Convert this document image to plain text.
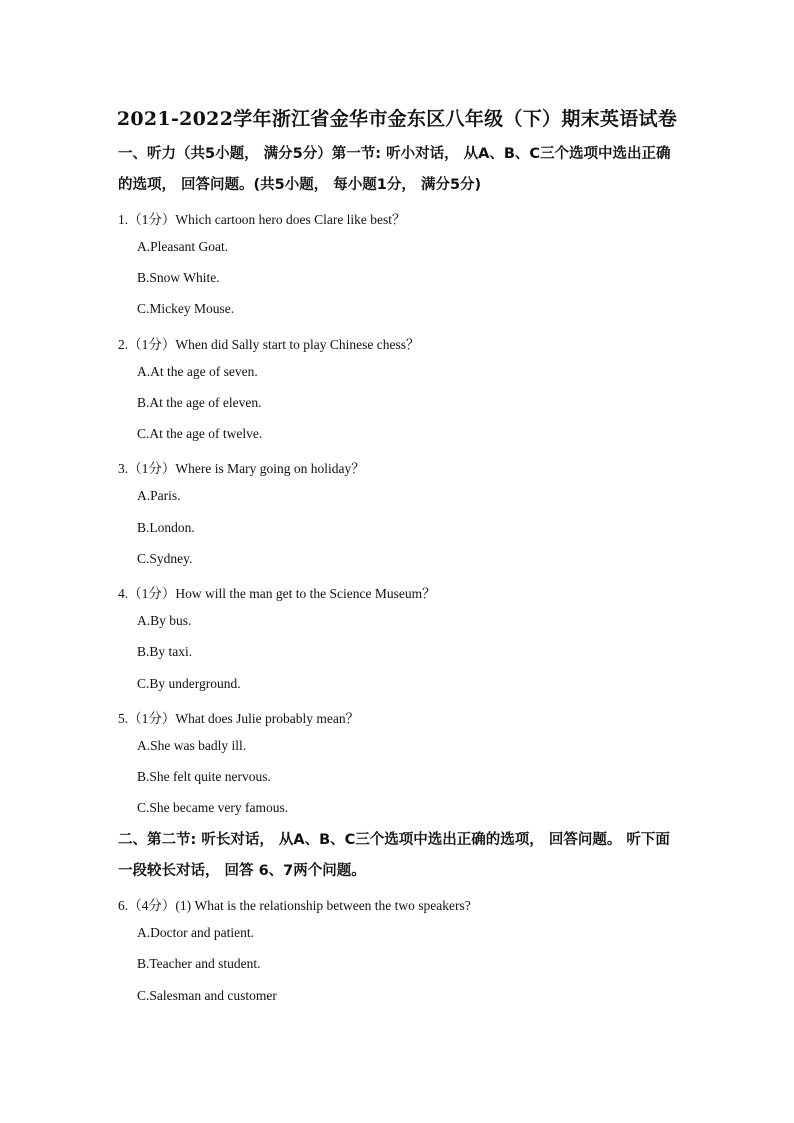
2021-2022学年浙江省金华市金东区八年级（下）期末英语试卷
一、听力（共5小题， 满分5分）第一节: 听小对话， 从A、B、C三个选项中选出正确
的选项， 回答问题。(共5小题， 每小题1分， 满分5分)
1.（1分）Which cartoon hero does Clare like best？
A.Pleasant Goat.
B.Snow White.
C.Mickey Mouse.
2.（1分）When did Sally start to play Chinese chess？
A.At the age of seven.
B.At the age of eleven.
C.At the age of twelve.
3.（1分）Where is Mary going on holiday？
A.Paris.
B.London.
C.Sydney.
4.（1分）How will the man get to the Science Museum？
A.By bus.
B.By taxi.
C.By underground.
5.（1分）What does Julie probably mean？
A.She was badly ill.
B.She felt quite nervous.
C.She became very famous.
二、第二节: 听长对话， 从A、B、C三个选项中选出正确的选项， 回答问题。 听下面
一段较长对话， 回答 6、7两个问题。
6.（4分）(1) What is the relationship between the two speakers?
A.Doctor and patient.
B.Teacher and student.
C.Salesman and customer
